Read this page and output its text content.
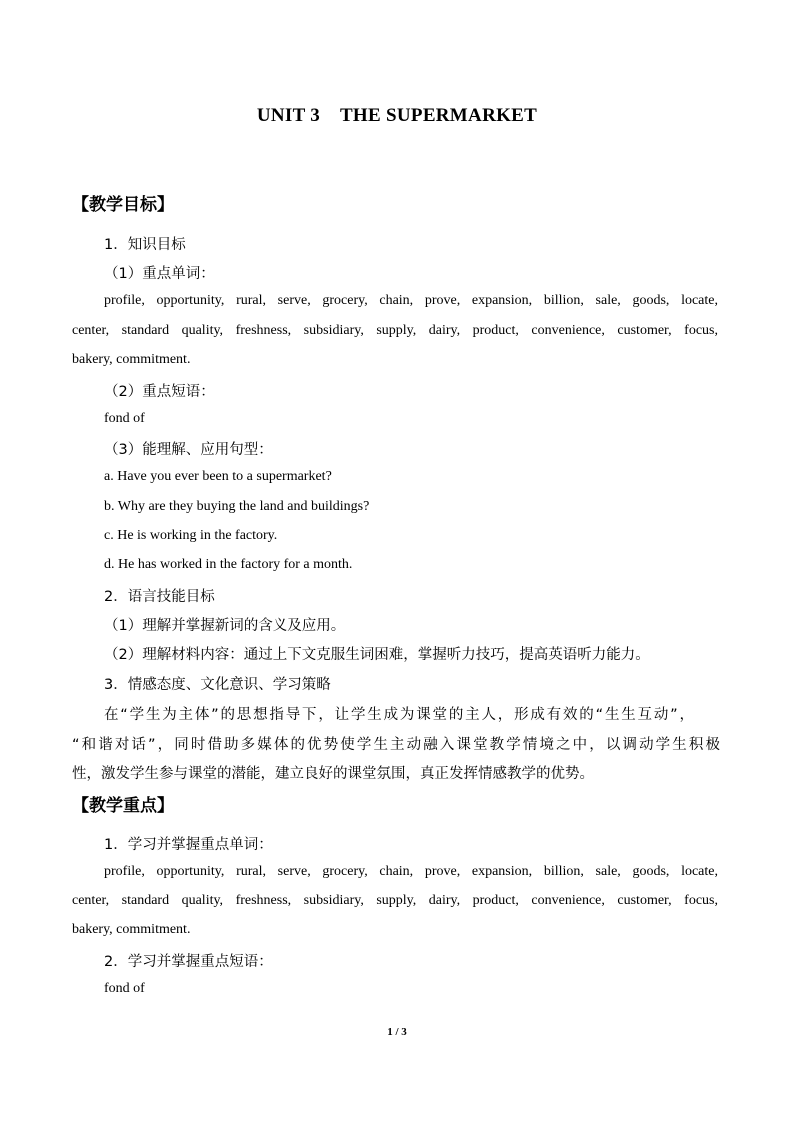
UNIT 3    THE SUPERMARKET
【教学目标】
1．知识目标
（1）重点单词：
profile, opportunity, rural, serve, grocery, chain, prove, expansion, billion, sale, goods, locate,
center, standard quality, freshness, subsidiary, supply, dairy, product, convenience, customer, focus,
bakery, commitment.
（2）重点短语：
fond of
（3）能理解、应用句型：
a. Have you ever been to a supermarket?
b. Why are they buying the land and buildings?
c. He is working in the factory.
d. He has worked in the factory for a month.
2．语言技能目标
（1）理解并掌握新词的含义及应用。
（2）理解材料内容：通过上下文克服生词困难，掌握听力技巧，提高英语听力能力。
3．情感态度、文化意识、学习策略
在“学生为主体”的思想指导下，让学生成为课堂的主人，形成有效的“生生互动”，
“和谐对话”，同时借助多媒体的优势使学生主动融入课堂教学情境之中，以调动学生积极
性，激发学生参与课堂的潜能，建立良好的课堂氛围，真正发挥情感教学的优势。
【教学重点】
1．学习并掌握重点单词：
profile, opportunity, rural, serve, grocery, chain, prove, expansion, billion, sale, goods, locate,
center, standard quality, freshness, subsidiary, supply, dairy, product, convenience, customer, focus,
bakery, commitment.
2．学习并掌握重点短语：
fond of
1 / 3
